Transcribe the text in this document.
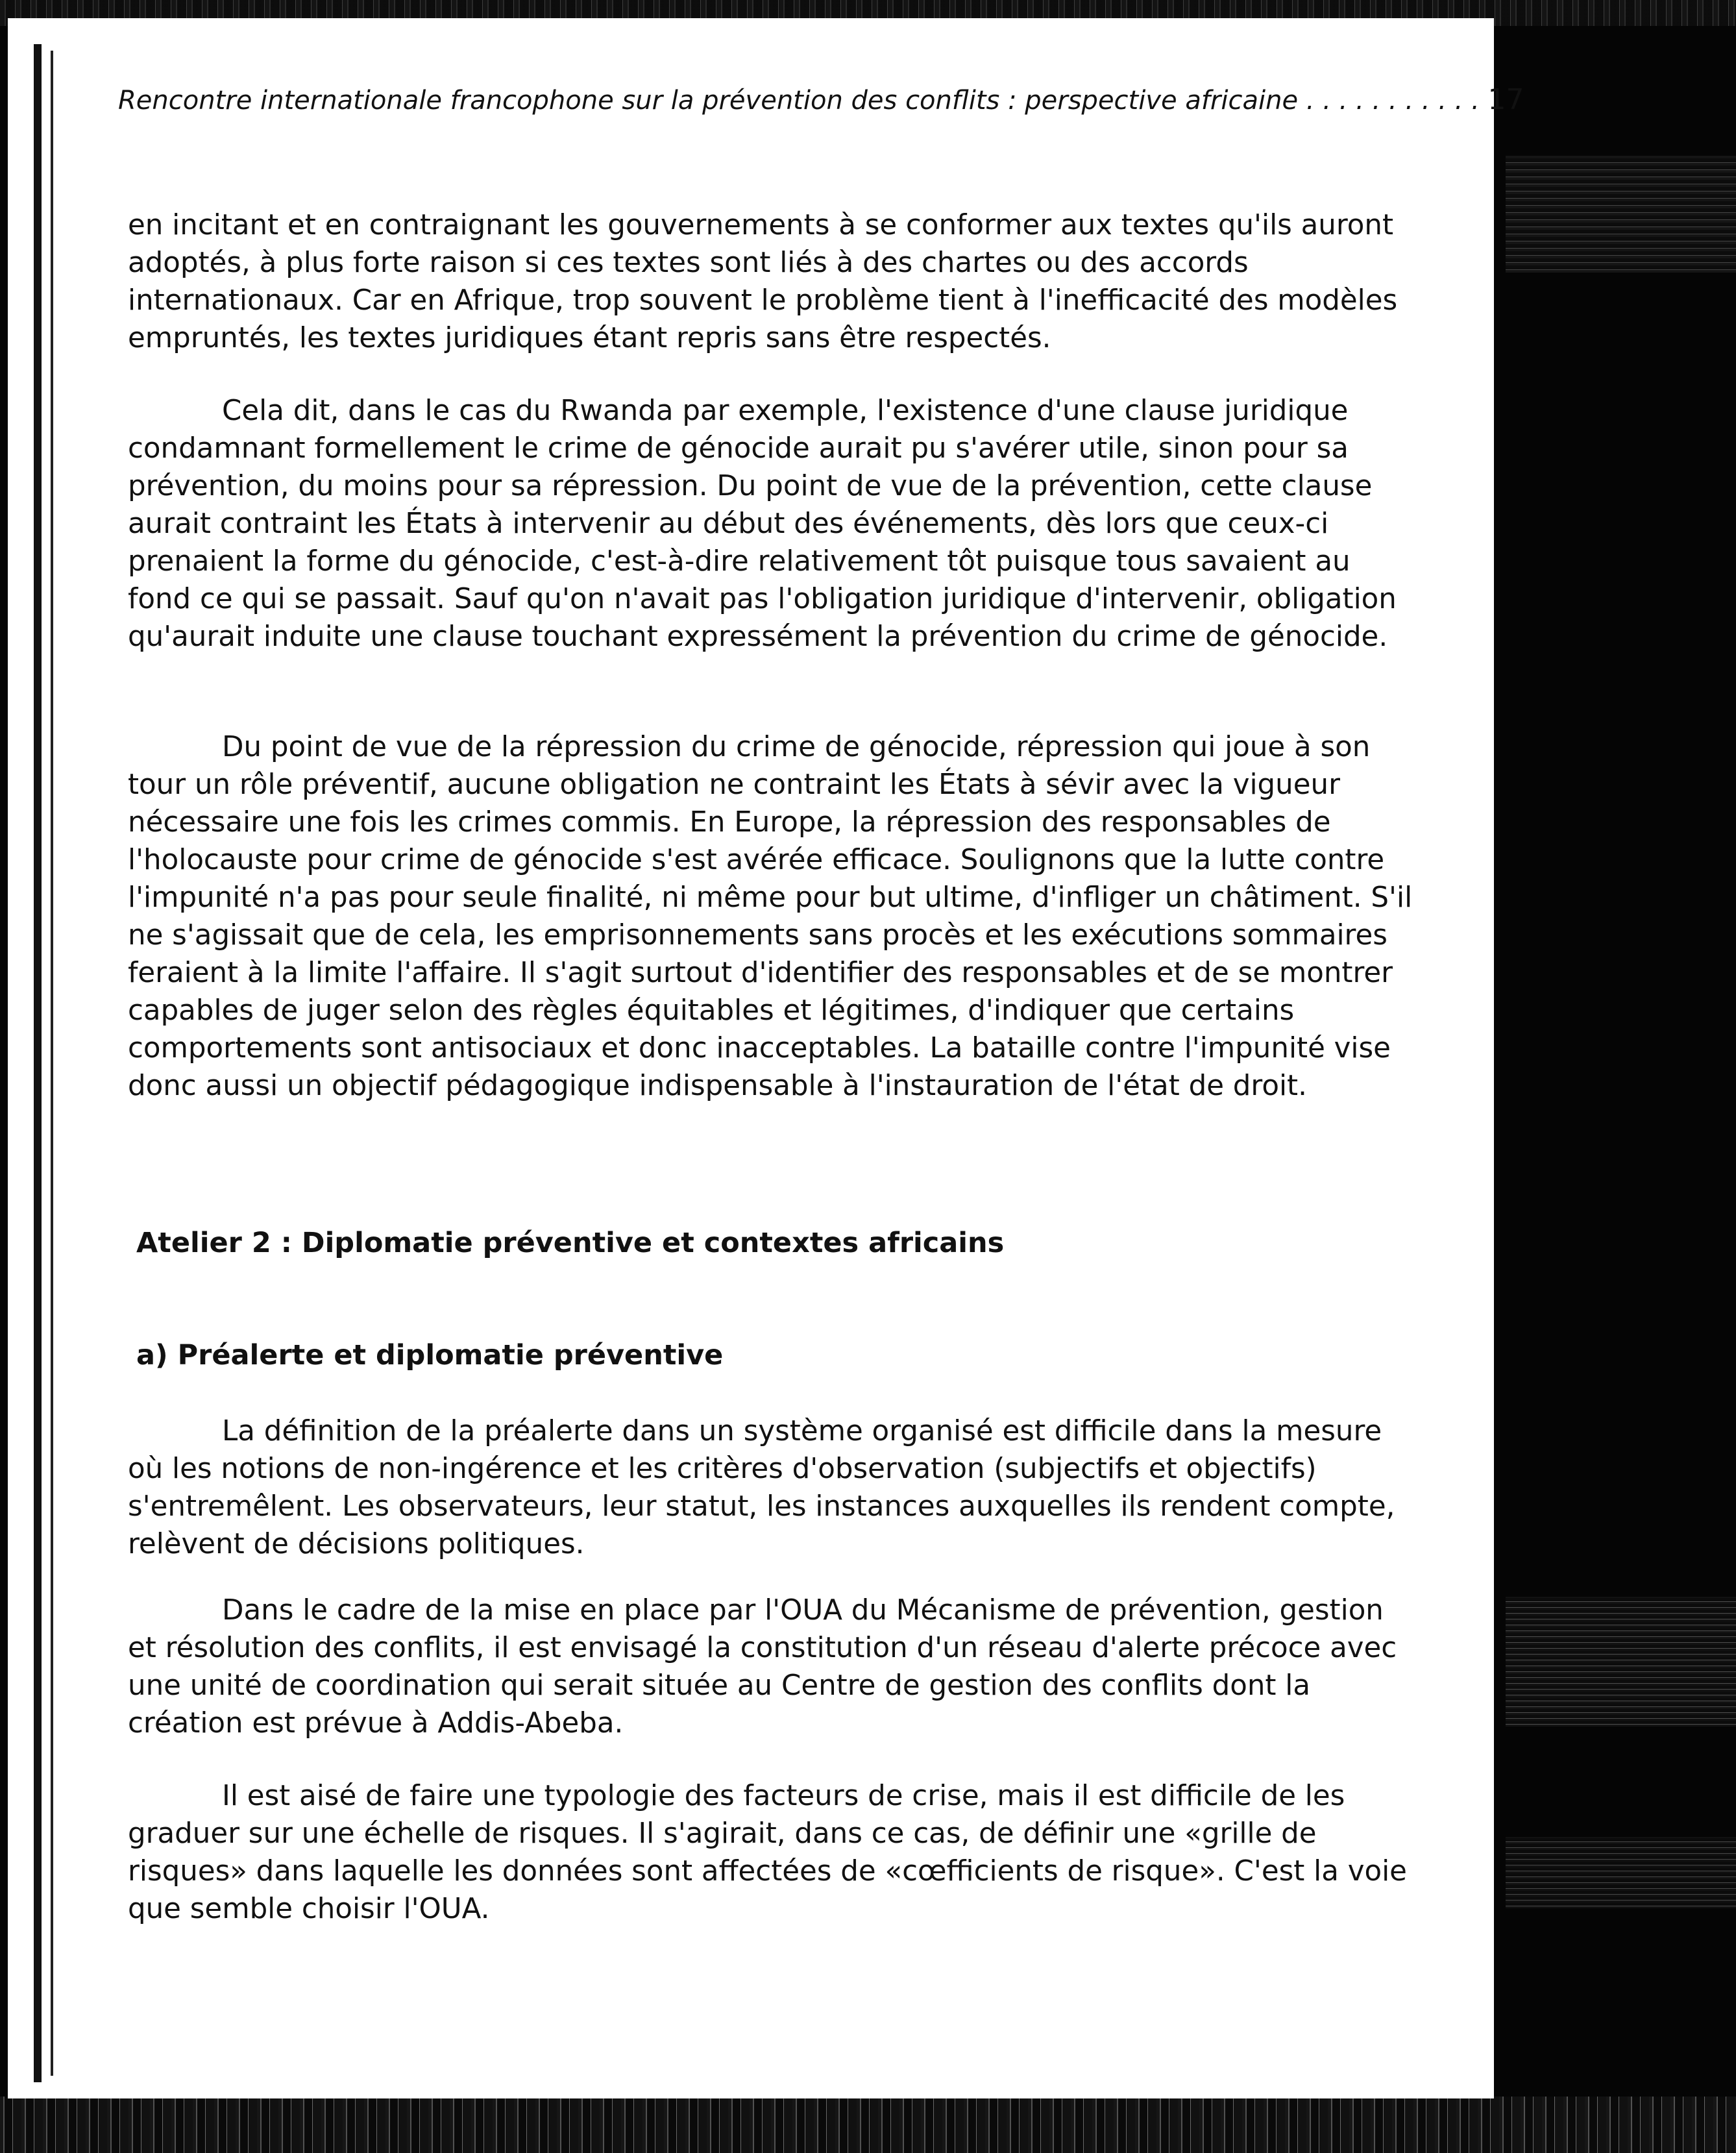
Rencontre internationale francophone sur la prévention des conflits : perspective africaine . . . . . . . . . . . 17

en incitant et en contraignant les gouvernements à se conformer aux textes qu'ils auront adoptés, à plus forte raison si ces textes sont liés à des chartes ou des accords internationaux. Car en Afrique, trop souvent le problème tient à l'inefficacité des modèles empruntés, les textes juridiques étant repris sans être respectés.

Cela dit, dans le cas du Rwanda par exemple, l'existence d'une clause juridique condamnant formellement le crime de génocide aurait pu s'avérer utile, sinon pour sa prévention, du moins pour sa répression. Du point de vue de la prévention, cette clause aurait contraint les États à intervenir au début des événements, dès lors que ceux-ci prenaient la forme du génocide, c'est-à-dire relativement tôt puisque tous savaient au fond ce qui se passait. Sauf qu'on n'avait pas l'obligation juridique d'intervenir, obligation qu'aurait induite une clause touchant expressément la prévention du crime de génocide.

Du point de vue de la répression du crime de génocide, répression qui joue à son tour un rôle préventif, aucune obligation ne contraint les États à sévir avec la vigueur nécessaire une fois les crimes commis. En Europe, la répression des responsables de l'holocauste pour crime de génocide s'est avérée efficace. Soulignons que la lutte contre l'impunité n'a pas pour seule finalité, ni même pour but ultime, d'infliger un châtiment. S'il ne s'agissait que de cela, les emprisonnements sans procès et les exécutions sommaires feraient à la limite l'affaire. Il s'agit surtout d'identifier des responsables et de se montrer capables de juger selon des règles équitables et légitimes, d'indiquer que certains comportements sont antisociaux et donc inacceptables. La bataille contre l'impunité vise donc aussi un objectif pédagogique indispensable à l'instauration de l'état de droit.

Atelier 2 : Diplomatie préventive et contextes africains
a) Préalerte et diplomatie préventive

La définition de la préalerte dans un système organisé est difficile dans la mesure où les notions de non-ingérence et les critères d'observation (subjectifs et objectifs) s'entremêlent. Les observateurs, leur statut, les instances auxquelles ils rendent compte, relèvent de décisions politiques.

Dans le cadre de la mise en place par l'OUA du Mécanisme de prévention, gestion et résolution des conflits, il est envisagé la constitution d'un réseau d'alerte précoce avec une unité de coordination qui serait située au Centre de gestion des conflits dont la création est prévue à Addis-Abeba.

Il est aisé de faire une typologie des facteurs de crise, mais il est difficile de les graduer sur une échelle de risques. Il s'agirait, dans ce cas, de définir une «grille de risques» dans laquelle les données sont affectées de «cœfficients de risque». C'est la voie que semble choisir l'OUA.
